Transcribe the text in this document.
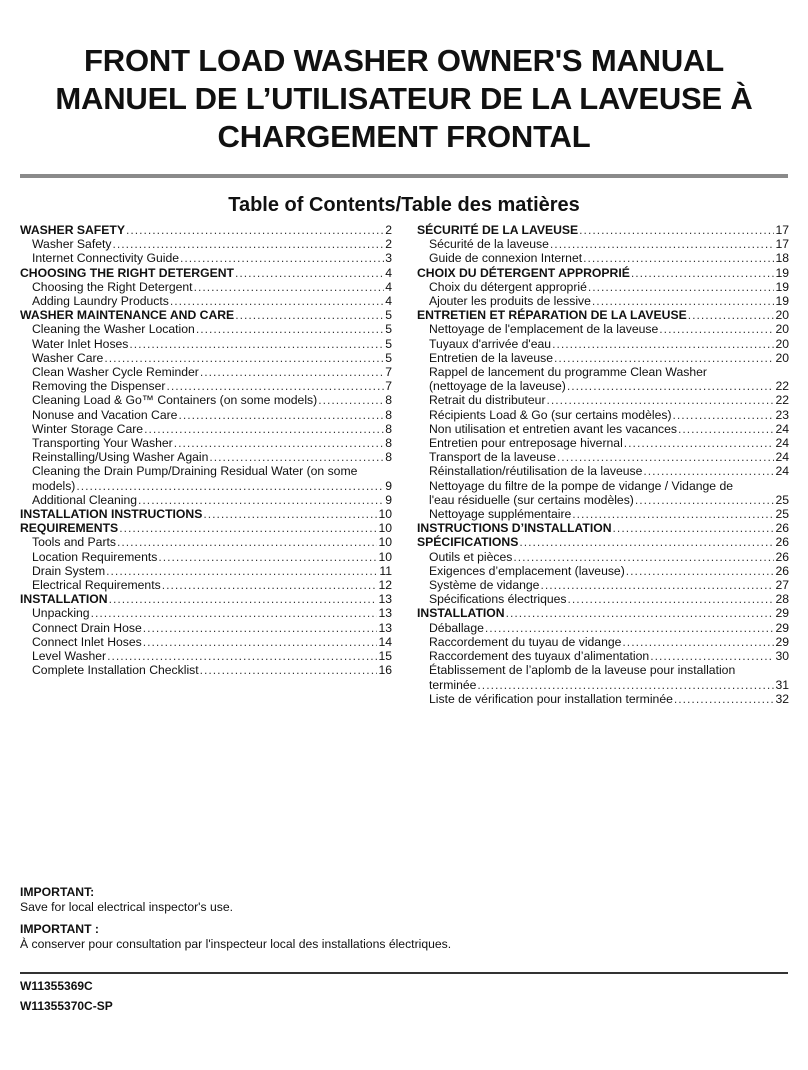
FRONT LOAD WASHER OWNER'S MANUAL
MANUEL DE L’UTILISATEUR DE LA LAVEUSE À
CHARGEMENT FRONTAL
Table of Contents/Table des matières
WASHER SAFETY .....	2
Washer Safety .....	2
Internet Connectivity Guide .....	3
CHOOSING THE RIGHT DETERGENT .....	4
Choosing the Right Detergent .....	4
Adding Laundry Products .....	4
WASHER MAINTENANCE AND CARE .....	5
Cleaning the Washer Location .....	5
Water Inlet Hoses .....	5
Washer Care .....	5
Clean Washer Cycle Reminder .....	7
Removing the Dispenser .....	7
Cleaning Load & Go™ Containers (on some models) .....	8
Nonuse and Vacation Care .....	8
Winter Storage Care .....	8
Transporting Your Washer .....	8
Reinstalling/Using Washer Again .....	8
Cleaning the Drain Pump/Draining Residual Water (on some
models) .....	9
Additional Cleaning .....	9
INSTALLATION INSTRUCTIONS .....	10
REQUIREMENTS .....	10
Tools and Parts .....	10
Location Requirements .....	10
Drain System .....	11
Electrical Requirements .....	12
INSTALLATION .....	13
Unpacking .....	13
Connect Drain Hose .....	13
Connect Inlet Hoses .....	14
Level Washer .....	15
Complete Installation Checklist .....	16
SÉCURITÉ DE LA LAVEUSE .....	17
Sécurité de la laveuse .....	17
Guide de connexion Internet .....	18
CHOIX DU DÉTERGENT APPROPRIÉ .....	19
Choix du détergent approprié .....	19
Ajouter les produits de lessive .....	19
ENTRETIEN ET RÉPARATION DE LA LAVEUSE .....	20
Nettoyage de l'emplacement de la laveuse .....	20
Tuyaux d'arrivée d'eau .....	20
Entretien de la laveuse .....	20
Rappel de lancement du programme Clean Washer
(nettoyage de la laveuse) .....	22
Retrait du distributeur .....	22
Récipients Load & Go (sur certains modèles) .....	23
Non utilisation et entretien avant les vacances .....	24
Entretien pour entreposage hivernal .....	24
Transport de la laveuse .....	24
Réinstallation/réutilisation de la laveuse .....	24
Nettoyage du filtre de la pompe de vidange / Vidange de
l'eau résiduelle (sur certains modèles) .....	25
Nettoyage supplémentaire .....	25
INSTRUCTIONS D’INSTALLATION .....	26
SPÉCIFICATIONS .....	26
Outils et pièces .....	26
Exigences d’emplacement (laveuse) .....	26
Système de vidange .....	27
Spécifications électriques .....	28
INSTALLATION .....	29
Déballage .....	29
Raccordement du tuyau de vidange .....	29
Raccordement des tuyaux d’alimentation .....	30
Établissement de l’aplomb de la laveuse pour installation
terminée .....	31
Liste de vérification pour installation terminée .....	32
IMPORTANT:
Save for local electrical inspector's use.
IMPORTANT :
À conserver pour consultation par l'inspecteur local des installations électriques.
W11355369C
W11355370C-SP
